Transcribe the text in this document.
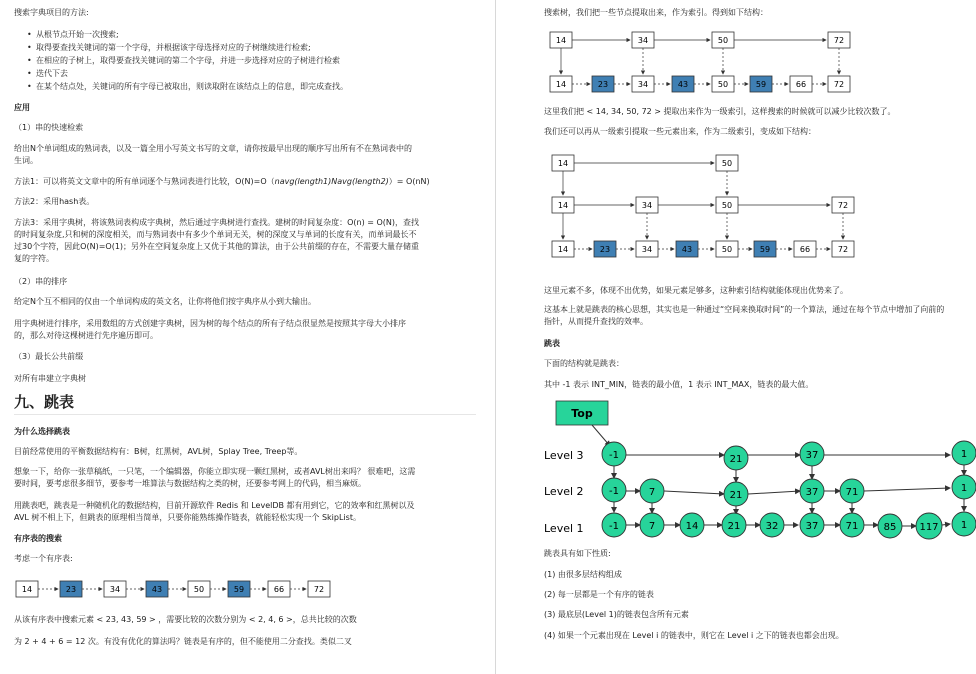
搜索字典项目的方法:
• 从根节点开始一次搜索;
• 取得要查找关键词的第一个字母，并根据该字母选择对应的子树继续进行检索;
• 在相应的子树上，取得要查找关键词的第二个字母，并进一步选择对应的子树进行检索
• 迭代下去
• 在某个结点处，关键词的所有字母已被取出，则读取附在该结点上的信息，即完成查找。
应用
（1）串的快速检索
给出N个单词组成的熟词表，以及一篇全用小写英文书写的文章，请你按最早出现的顺序写出所有不在熟词表中的
生词。
方法1：可以将英文文章中的所有单词逐个与熟词表进行比较，O(N)=O（navg(length1)Navg(length2)）= O(nN)
方法2：采用hash表。
方法3：采用字典树，将该熟词表构成字典树，然后通过字典树进行查找。建树的时间复杂度：O(n) = O(N)，查找
的时间复杂度,只和树的深度相关，而与熟词表中有多少个单词无关，树的深度又与单词的长度有关，而单词最长不
过30个字符，因此O(N)=O(1)；另外在空间复杂度上又优于其他的算法，由于公共前缀的存在，不需要大量存储重
复的字符。
（2）串的排序
给定N个互不相同的仅由一个单词构成的英文名，让你将他们按字典序从小到大输出。
用字典树进行排序，采用数组的方式创建字典树，因为树的每个结点的所有子结点很显然是按照其字母大小排序
的，那么对待这棵树进行先序遍历即可。
（3）最长公共前缀
对所有串建立字典树
九、跳表
为什么选择跳表
目前经常使用的平衡数据结构有：B树，红黑树，AVL树，Splay Tree, Treep等。
想象一下，给你一张草稿纸，一只笔，一个编辑器，你能立即实现一颗红黑树，或者AVL树出来吗？ 很难吧，这需
要时间，要考虑很多细节，要参考一堆算法与数据结构之类的树，还要参考网上的代码，相当麻烦。
用跳表吧，跳表是一种随机化的数据结构，目前开源软件 Redis 和 LevelDB 都有用到它，它的效率和红黑树以及
AVL 树不相上下，但跳表的原理相当简单，只要你能熟练操作链表，就能轻松实现一个 SkipList。
有序表的搜索
考虑一个有序表:
14	23	34	43	50	59	66	72
从该有序表中搜索元素 < 23, 43, 59 > ，需要比较的次数分别为 < 2, 4, 6 >，总共比较的次数
为 2 + 4 + 6 = 12 次。有没有优化的算法吗？链表是有序的，但不能使用二分查找。类似二叉
搜索树，我们把一些节点提取出来，作为索引。得到如下结构：
14	34	50	72
14	23	34	43	50	59	66	72
这里我们把 < 14, 34, 50, 72 > 提取出来作为一级索引，这样搜索的时候就可以减少比较次数了。
我们还可以再从一级索引提取一些元素出来，作为二级索引，变成如下结构：
14	50
14	34	50	72
14	23	34	43	50	59	66	72
这里元素不多，体现不出优势，如果元素足够多，这种索引结构就能体现出优势来了。
这基本上就是跳表的核心思想，其实也是一种通过“空间来换取时间”的一个算法，通过在每个节点中增加了向前的
指针，从而提升查找的效率。
跳表
下面的结构就是跳表：
其中 -1 表示 INT_MIN，链表的最小值，1 表示 INT_MAX，链表的最大值。
Top
Level 3
Level 2
Level 1
-1	21	37	1
-1	7	21	37	71	1
-1	7	14	21	32	37	71	85 117 1
跳表具有如下性质:
(1) 由很多层结构组成
(2) 每一层都是一个有序的链表
(3) 最底层(Level 1)的链表包含所有元素
(4) 如果一个元素出现在 Level i 的链表中，则它在 Level i 之下的链表也都会出现。
